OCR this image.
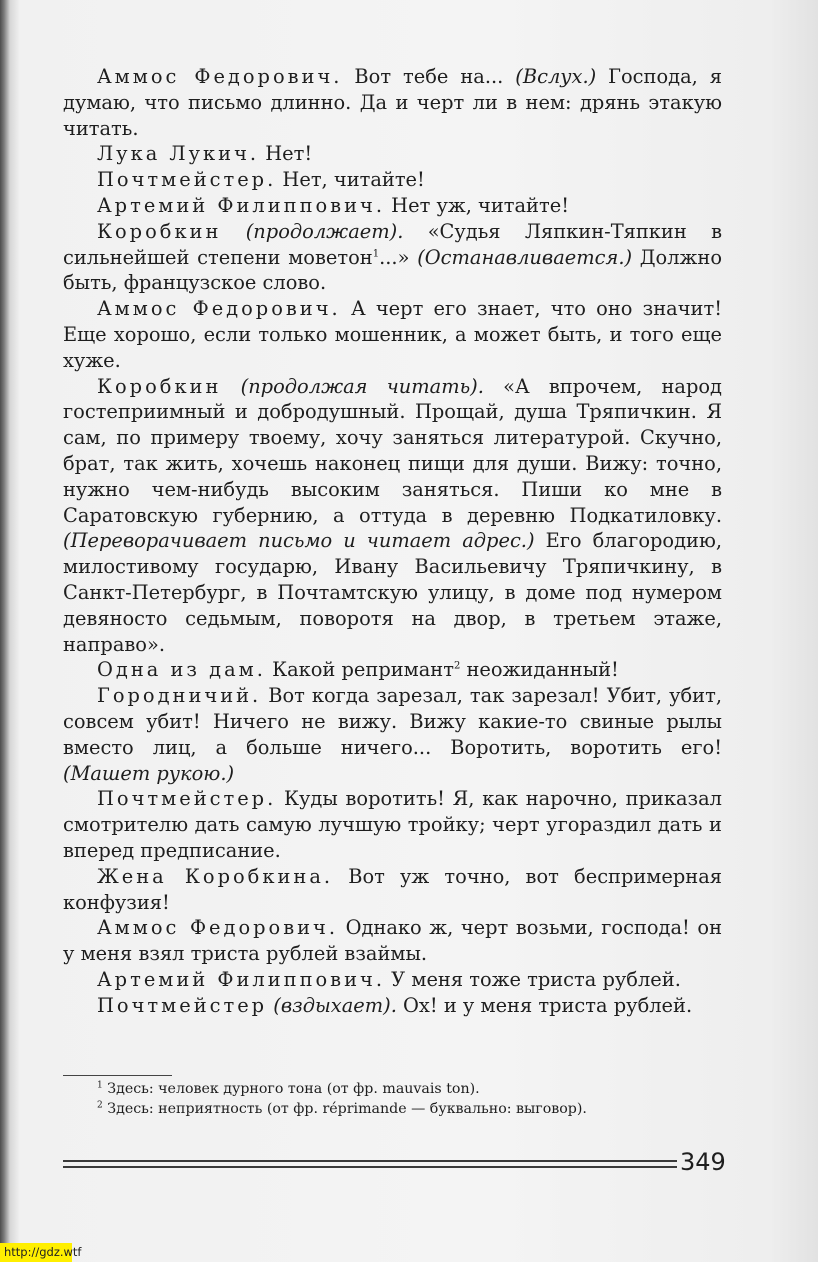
Аммос Федорович. Вот тебе на... (Вслух.) Господа, я думаю, что письмо длинно. Да и черт ли в нем: дрянь этакую читать.

Лука Лукич. Нет!

Почтмейстер. Нет, читайте!

Артемий Филиппович. Нет уж, читайте!

Коробкин (продолжает). «Судья Ляпкин-Тяпкин в сильнейшей степени моветон$^1$...» (Останавливается.) Должно быть, французское слово.

Аммос Федорович. А черт его знает, что оно значит! Еще хорошо, если только мошенник, а может быть, и того еще хуже.

Коробкин (продолжая читать). «А впрочем, народ гостеприимный и добродушный. Прощай, душа Тряпичкин. Я сам, по примеру твоему, хочу заняться литературой. Скучно, брат, так жить, хочешь наконец пищи для души. Вижу: точно, нужно чем-нибудь высоким заняться. Пиши ко мне в Саратовскую губернию, а оттуда в деревню Подкатиловку. (Переворачивает письмо и читает адрес.) Его благородию, милостивому государю, Ивану Васильевичу Тряпичкину, в Санкт-Петербург, в Почтамтскую улицу, в доме под нумером девяносто седьмым, поворотя на двор, в третьем этаже, направо».

Одна из дам. Какой репримант$^2$ неожиданный!

Городничий. Вот когда зарезал, так зарезал! Убит, убит, совсем убит! Ничего не вижу. Вижу какие-то свиные рылы вместо лиц, а больше ничего... Воротить, воротить его! (Машет рукою.)

Почтмейстер. Куды воротить! Я, как нарочно, приказал смотрителю дать самую лучшую тройку; черт угораздил дать и вперед предписание.

Жена Коробкина. Вот уж точно, вот беспримерная конфузия!

Аммос Федорович. Однако ж, черт возьми, господа! он у меня взял триста рублей взаймы.

Артемий Филиппович. У меня тоже триста рублей.

Почтмейстер (вздыхает). Ох! и у меня триста рублей.

$^1$ Здесь: человек дурного тона (от фр. mauvais ton).
$^2$ Здесь: неприятность (от фр. réprimande — буквально: выговор).
349
http://gdz.wtf
